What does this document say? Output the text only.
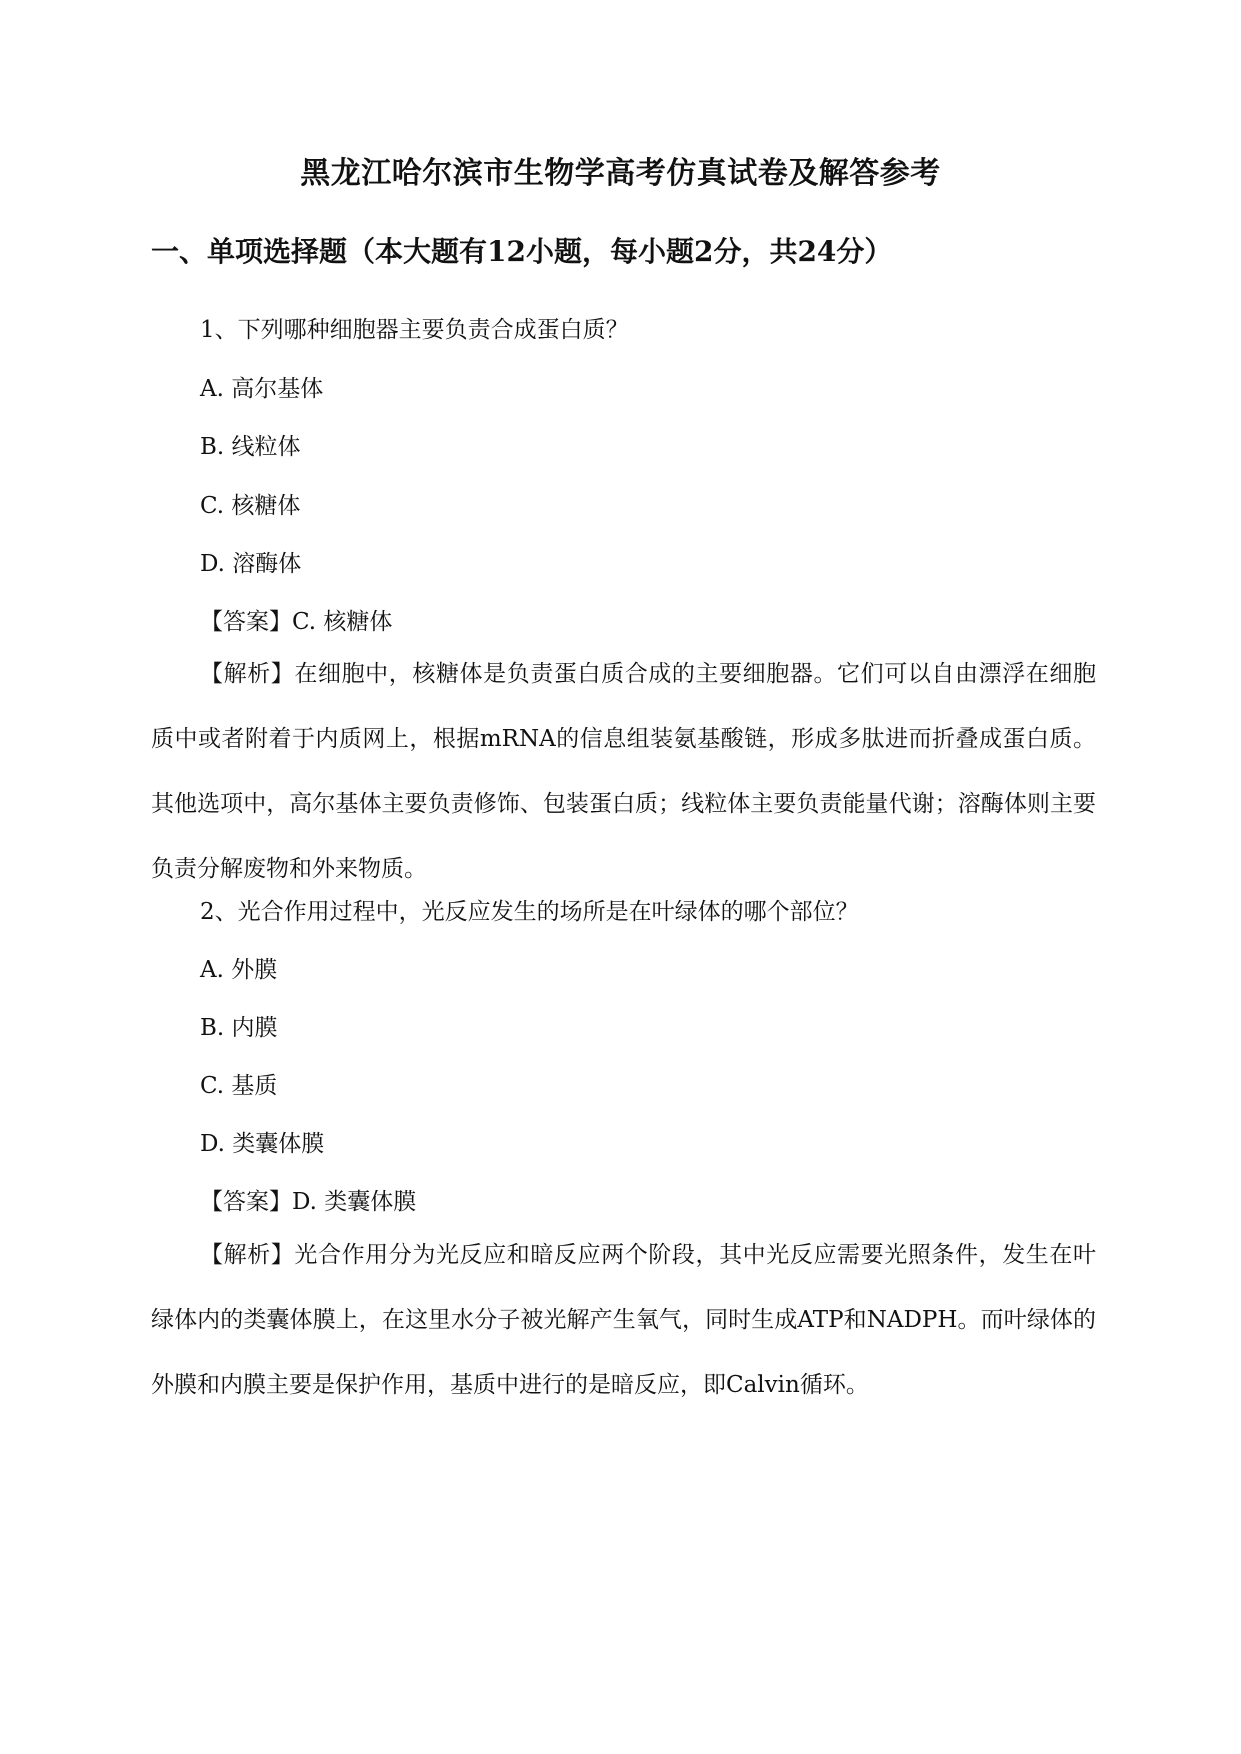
黑龙江哈尔滨市生物学高考仿真试卷及解答参考
一、单项选择题（本大题有12小题，每小题2分，共24分）
1、下列哪种细胞器主要负责合成蛋白质？
A. 高尔基体
B. 线粒体
C. 核糖体
D. 溶酶体
【答案】C. 核糖体
【解析】在细胞中，核糖体是负责蛋白质合成的主要细胞器。它们可以自由漂浮在细胞质中或者附着于内质网上，根据mRNA的信息组装氨基酸链，形成多肽进而折叠成蛋白质。其他选项中，高尔基体主要负责修饰、包装蛋白质；线粒体主要负责能量代谢；溶酶体则主要负责分解废物和外来物质。
2、光合作用过程中，光反应发生的场所是在叶绿体的哪个部位？
A. 外膜
B. 内膜
C. 基质
D. 类囊体膜
【答案】D. 类囊体膜
【解析】光合作用分为光反应和暗反应两个阶段，其中光反应需要光照条件，发生在叶绿体内的类囊体膜上，在这里水分子被光解产生氧气，同时生成ATP和NADPH。而叶绿体的外膜和内膜主要是保护作用，基质中进行的是暗反应，即Calvin循环。
